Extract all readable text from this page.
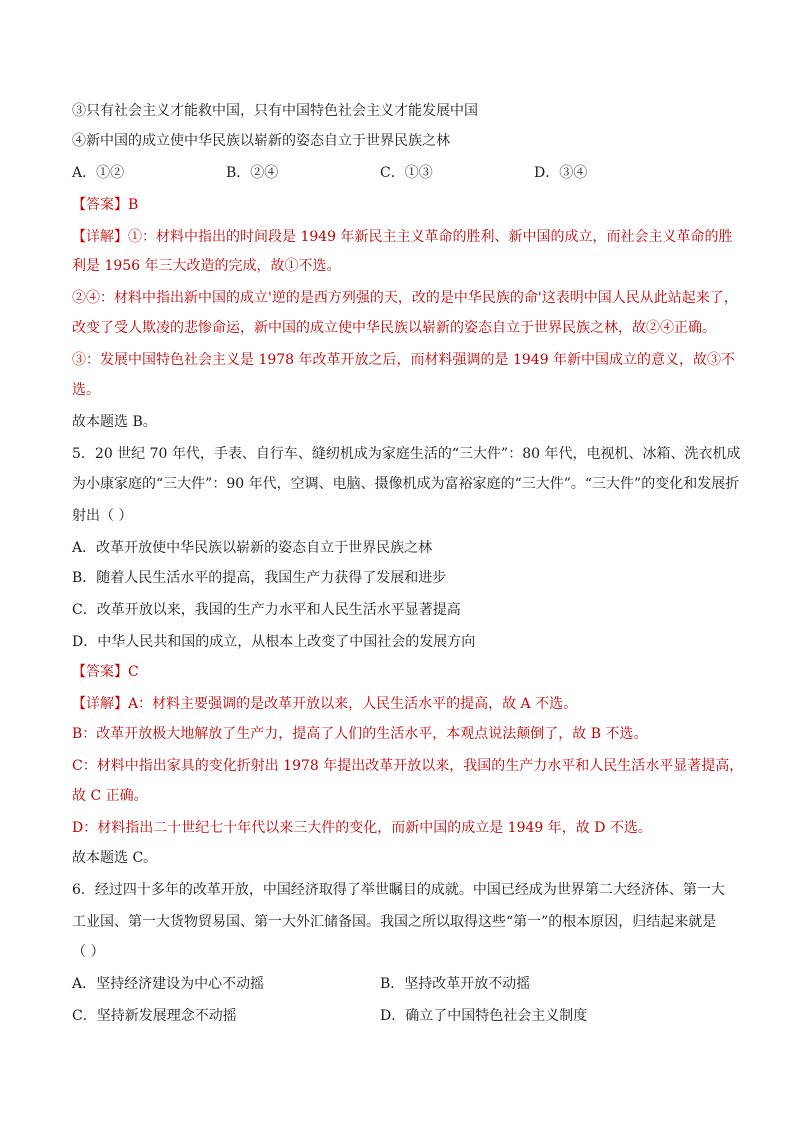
③只有社会主义才能救中国，只有中国特色社会主义才能发展中国
④新中国的成立使中华民族以崭新的姿态自立于世界民族之林
A．①②	B．②④	C．①③	D．③④
【答案】B
【详解】①：材料中指出的时间段是 1949 年新民主主义革命的胜利、新中国的成立，而社会主义革命的胜
利是 1956 年三大改造的完成，故①不选。
②④：材料中指出新中国的成立'逆的是西方列强的天，改的是中华民族的命'这表明中国人民从此站起来了，
改变了受人欺凌的悲惨命运，新中国的成立使中华民族以崭新的姿态自立于世界民族之林，故②④正确。
③：发展中国特色社会主义是 1978 年改革开放之后，而材料强调的是 1949 年新中国成立的意义，故③不
选。
故本题选 B。
5．20 世纪 70 年代，手表、自行车、缝纫机成为家庭生活的“三大件”：80 年代，电视机、冰箱、洗衣机成
为小康家庭的“三大件”：90 年代，空调、电脑、摄像机成为富裕家庭的“三大件”。“三大件”的变化和发展折
射出（ ）
A．改革开放使中华民族以崭新的姿态自立于世界民族之林
B．随着人民生活水平的提高，我国生产力获得了发展和进步
C．改革开放以来，我国的生产力水平和人民生活水平显著提高
D．中华人民共和国的成立，从根本上改变了中国社会的发展方向
【答案】C
【详解】A：材料主要强调的是改革开放以来，人民生活水平的提高，故 A 不选。
B：改革开放极大地解放了生产力，提高了人们的生活水平，本观点说法颠倒了，故 B 不选。
C：材料中指出家具的变化折射出 1978 年提出改革开放以来，我国的生产力水平和人民生活水平显著提高，
故 C 正确。
D：材料指出二十世纪七十年代以来三大件的变化，而新中国的成立是 1949 年，故 D 不选。
故本题选 C。
6．经过四十多年的改革开放，中国经济取得了举世瞩目的成就。中国已经成为世界第二大经济体、第一大
工业国、第一大货物贸易国、第一大外汇储备国。我国之所以取得这些“第一”的根本原因，归结起来就是
（ ）
A．坚持经济建设为中心不动摇	B．坚持改革开放不动摇
C．坚持新发展理念不动摇	D．确立了中国特色社会主义制度
